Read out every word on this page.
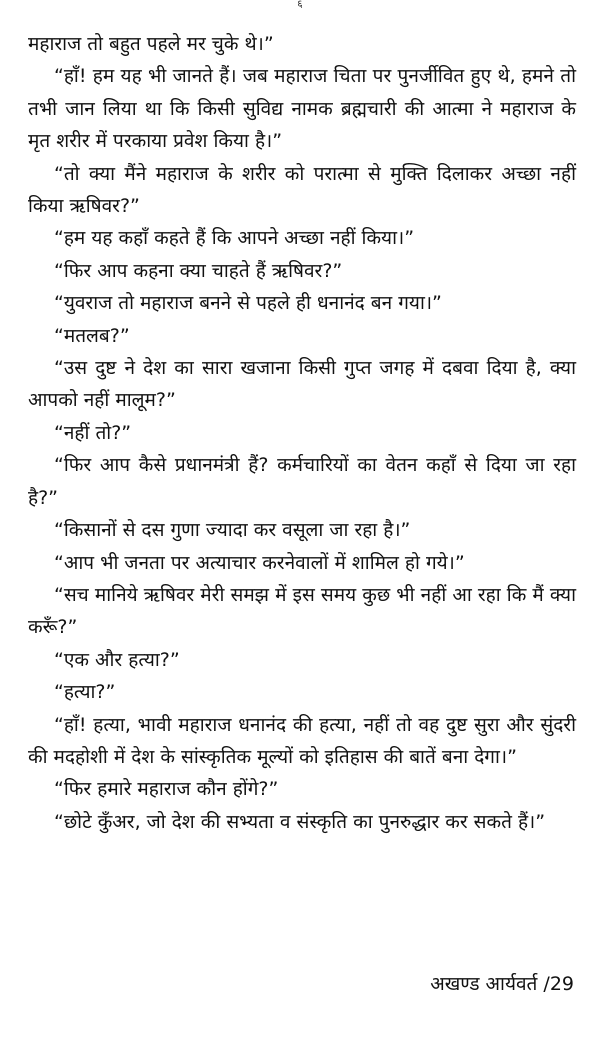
६

महाराज तो बहुत पहले मर चुके थे।”

“हाँ! हम यह भी जानते हैं। जब महाराज चिता पर पुनर्जीवित हुए थे, हमने तो तभी जान लिया था कि किसी सुविद्य नामक ब्रह्मचारी की आत्मा ने महाराज के मृत शरीर में परकाया प्रवेश किया है।”

“तो क्या मैंने महाराज के शरीर को परात्मा से मुक्ति दिलाकर अच्छा नहीं किया ऋषिवर?”

“हम यह कहाँ कहते हैं कि आपने अच्छा नहीं किया।”

“फिर आप कहना क्या चाहते हैं ऋषिवर?”

“युवराज तो महाराज बनने से पहले ही धनानंद बन गया।”

“मतलब?”

“उस दुष्ट ने देश का सारा खजाना किसी गुप्त जगह में दबवा दिया है, क्या आपको नहीं मालूम?”

“नहीं तो?”

“फिर आप कैसे प्रधानमंत्री हैं? कर्मचारियों का वेतन कहाँ से दिया जा रहा है?”

“किसानों से दस गुणा ज्यादा कर वसूला जा रहा है।”

“आप भी जनता पर अत्याचार करनेवालों में शामिल हो गये।”

“सच मानिये ऋषिवर मेरी समझ में इस समय कुछ भी नहीं आ रहा कि मैं क्या करूँ?”

“एक और हत्या?”

“हत्या?”

“हाँ! हत्या, भावी महाराज धनानंद की हत्या, नहीं तो वह दुष्ट सुरा और सुंदरी की मदहोशी में देश के सांस्कृतिक मूल्यों को इतिहास की बातें बना देगा।”

“फिर हमारे महाराज कौन होंगे?”

“छोटे कुँअर, जो देश की सभ्यता व संस्कृति का पुनरुद्धार कर सकते हैं।”

अखण्ड आर्यवर्त /29
